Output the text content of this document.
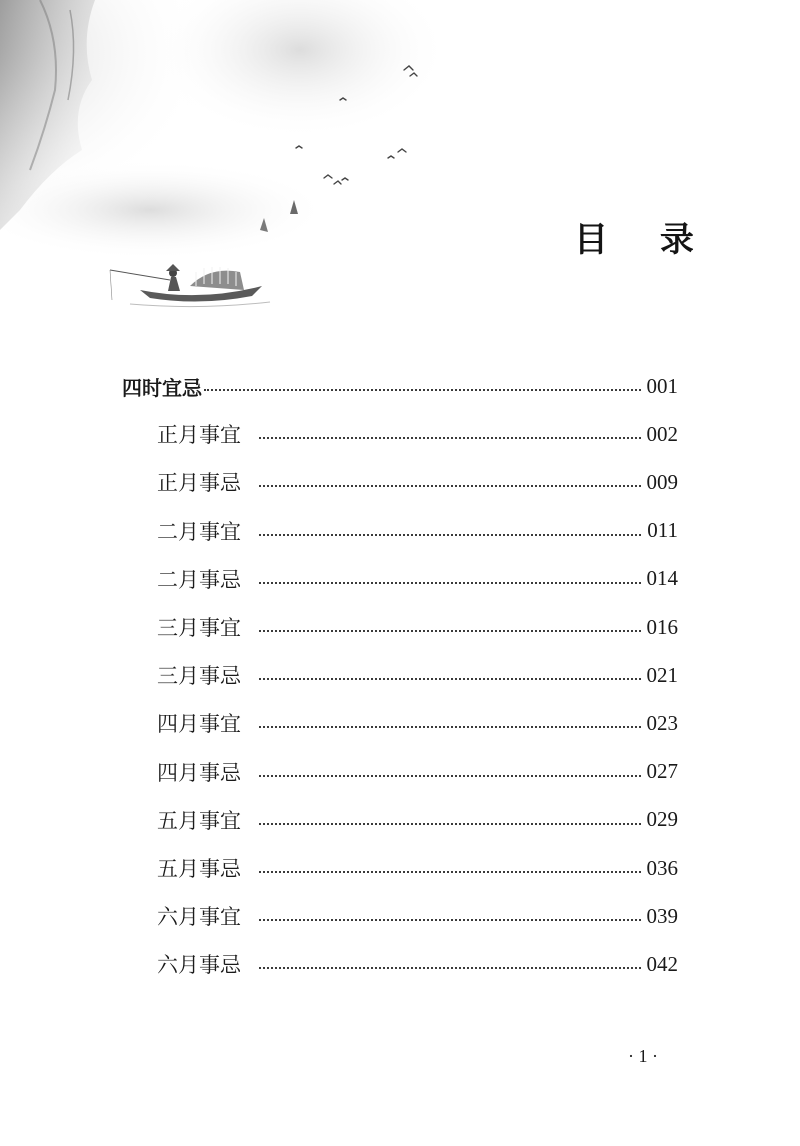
目 录
四时宜忌	001
正月事宜	002
正月事忌	009
二月事宜	011
二月事忌	014
三月事宜	016
三月事忌	021
四月事宜	023
四月事忌	027
五月事宜	029
五月事忌	036
六月事宜	039
六月事忌	042
· 1 ·
